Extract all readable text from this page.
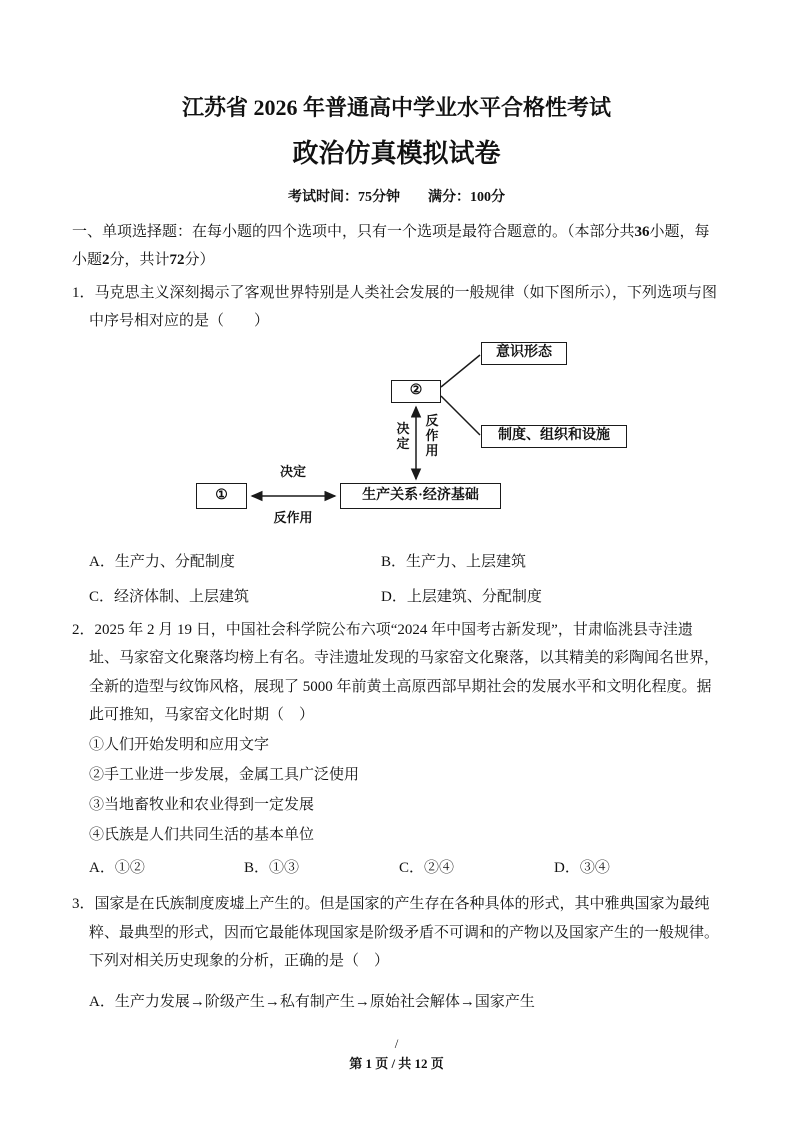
江苏省 2026 年普通高中学业水平合格性考试
政治仿真模拟试卷
考试时间：75分钟　　满分：100分

一、单项选择题：在每小题的四个选项中，只有一个选项是最符合题意的。（本部分共36小题，每小题2分，共计72分）

1．马克思主义深刻揭示了客观世界特别是人类社会发展的一般规律（如下图所示），下列选项与图中序号相对应的是（　　）

意识形态
②
制度、组织和设施
①	生产关系·经济基础
决定
反作用
决定
反作用
A．生产力、分配制度	B．生产力、上层建筑
C．经济体制、上层建筑	D．上层建筑、分配制度

2．2025 年 2 月 19 日，中国社会科学院公布六项“2024 年中国考古新发现”，甘肃临洮县寺洼遗址、马家窑文化聚落均榜上有名。寺洼遗址发现的马家窑文化聚落，以其精美的彩陶闻名世界，全新的造型与纹饰风格，展现了 5000 年前黄土高原西部早期社会的发展水平和文明化程度。据此可推知，马家窑文化时期（　）

①人们开始发明和应用文字

②手工业进一步发展，金属工具广泛使用

③当地畜牧业和农业得到一定发展

④氏族是人们共同生活的基本单位

A．①②	B．①③	C．②④	D．③④

3．国家是在氏族制度废墟上产生的。但是国家的产生存在各种具体的形式，其中雅典国家为最纯粹、最典型的形式，因而它最能体现国家是阶级矛盾不可调和的产物以及国家产生的一般规律。下列对相关历史现象的分析，正确的是（　）

A．生产力发展→阶级产生→私有制产生→原始社会解体→国家产生

/
第 1 页 / 共 12 页
